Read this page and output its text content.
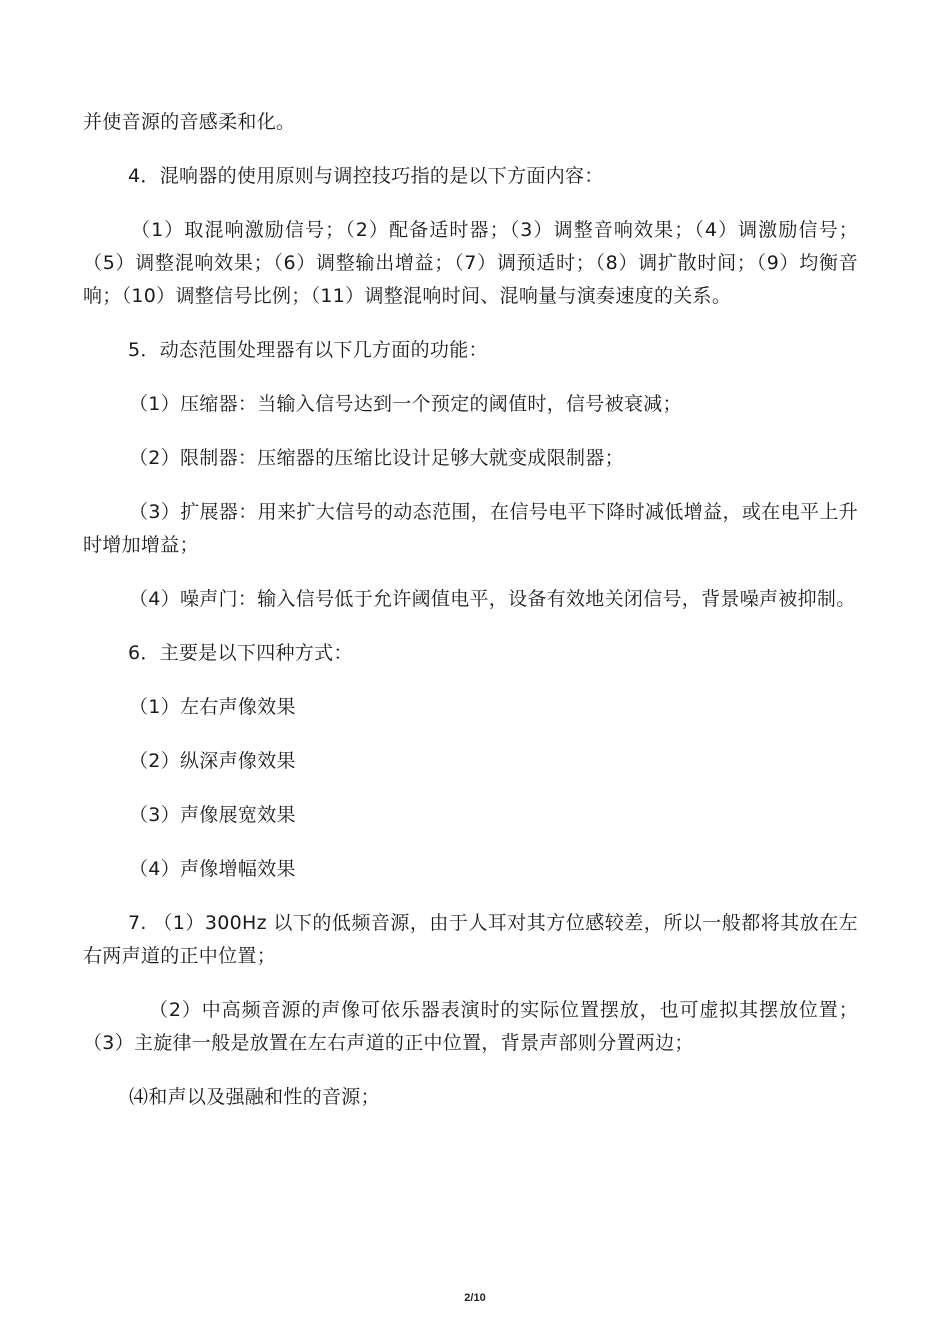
并使音源的音感柔和化。

4．混响器的使用原则与调控技巧指的是以下方面内容：

（1）取混响激励信号；（2）配备适时器；（3）调整音响效果；（4）调激励信号；（5）调整混响效果；（6）调整输出增益；（7）调预适时；（8）调扩散时间；（9）均衡音响；（10）调整信号比例；（11）调整混响时间、混响量与演奏速度的关系。

5．动态范围处理器有以下几方面的功能：

（1）压缩器：当输入信号达到一个预定的阈值时，信号被衰减；

（2）限制器：压缩器的压缩比设计足够大就变成限制器；

（3）扩展器：用来扩大信号的动态范围，在信号电平下降时减低增益，或在电平上升时增加增益；

（4）噪声门：输入信号低于允许阈值电平，设备有效地关闭信号，背景噪声被抑制。

6．主要是以下四种方式：

（1）左右声像效果

（2）纵深声像效果

（3）声像展宽效果

（4）声像增幅效果

7. （1）300Hz 以下的低频音源，由于人耳对其方位感较差，所以一般都将其放在左右两声道的正中位置；

（2）中高频音源的声像可依乐器表演时的实际位置摆放，也可虚拟其摆放位置；（3）主旋律一般是放置在左右声道的正中位置，背景声部则分置两边；

⑷和声以及强融和性的音源；

2/10
